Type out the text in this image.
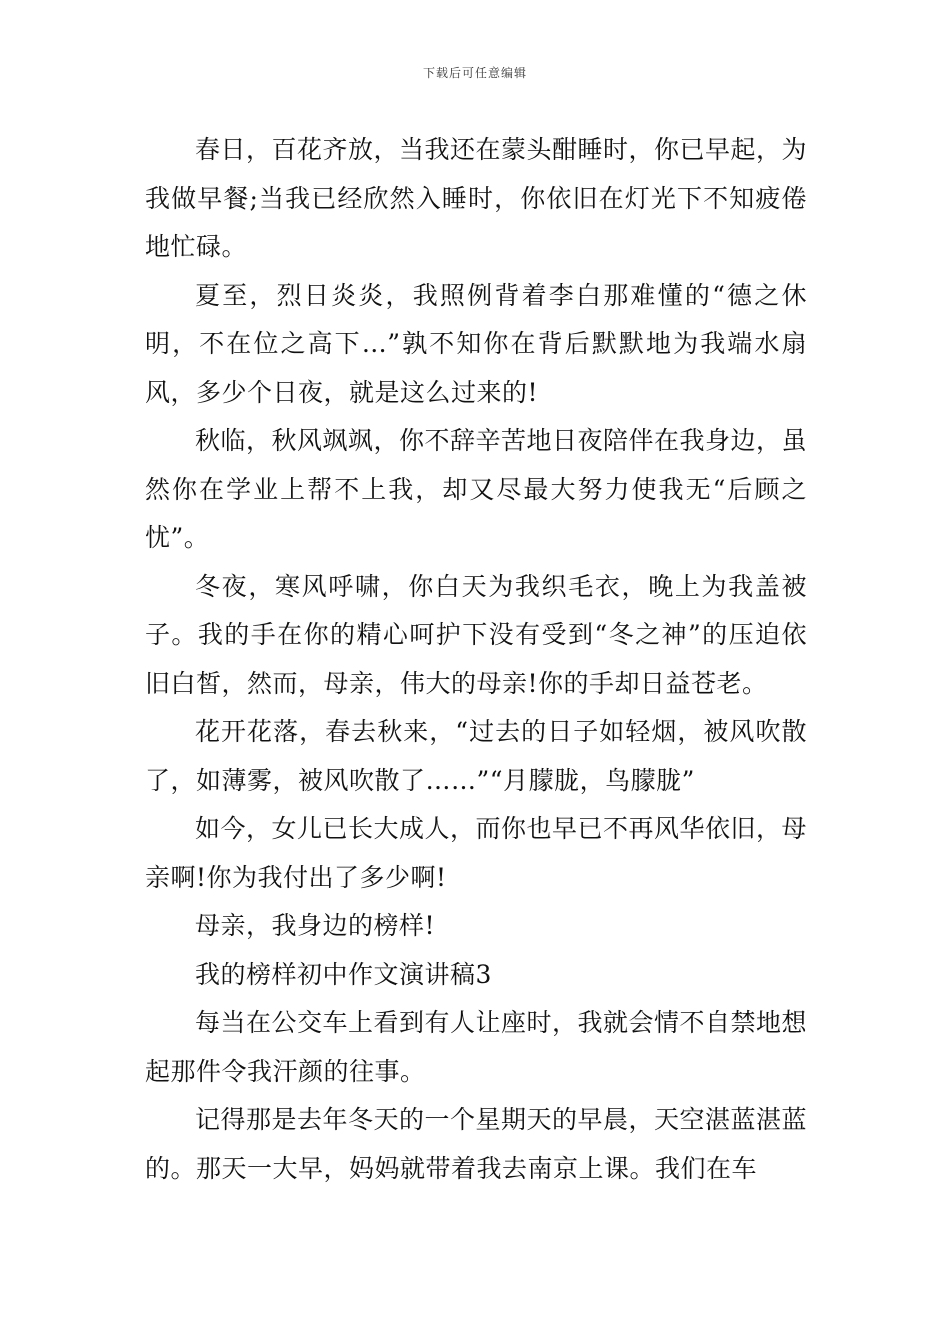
下载后可任意编辑

春日，百花齐放，当我还在蒙头酣睡时，你已早起，为我做早餐;当我已经欣然入睡时，你依旧在灯光下不知疲倦地忙碌。

夏至，烈日炎炎，我照例背着李白那难懂的“德之休明，不在位之高下…”孰不知你在背后默默地为我端水扇风，多少个日夜，就是这么过来的!

秋临，秋风飒飒，你不辞辛苦地日夜陪伴在我身边，虽然你在学业上帮不上我，却又尽最大努力使我无“后顾之忧”。

冬夜，寒风呼啸，你白天为我织毛衣，晚上为我盖被子。我的手在你的精心呵护下没有受到“冬之神”的压迫依旧白皙，然而，母亲，伟大的母亲!你的手却日益苍老。

花开花落，春去秋来，“过去的日子如轻烟，被风吹散了，如薄雾，被风吹散了……”“月朦胧，鸟朦胧”

如今，女儿已长大成人，而你也早已不再风华依旧，母亲啊!你为我付出了多少啊!

母亲，我身边的榜样!

我的榜样初中作文演讲稿3

每当在公交车上看到有人让座时，我就会情不自禁地想起那件令我汗颜的往事。

记得那是去年冬天的一个星期天的早晨，天空湛蓝湛蓝的。那天一大早，妈妈就带着我去南京上课。我们在车
